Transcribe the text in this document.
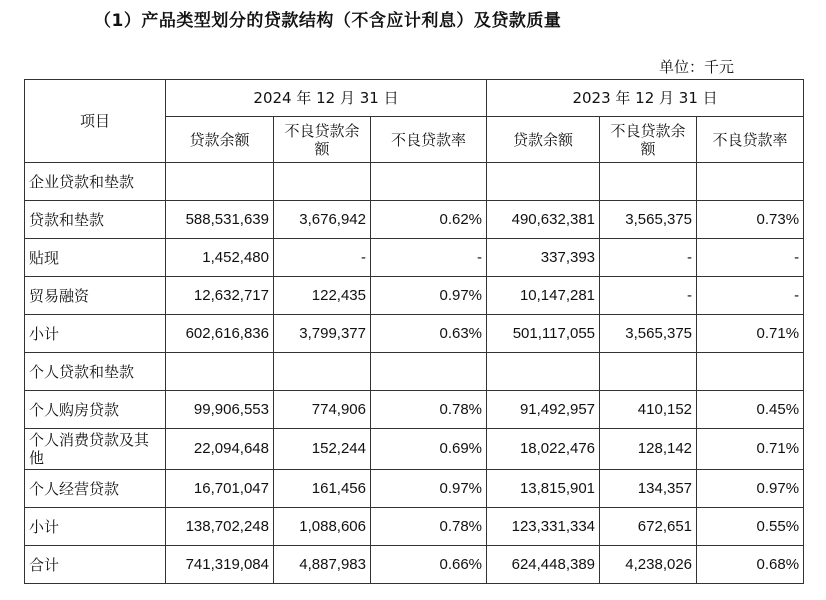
（1）产品类型划分的贷款结构（不含应计利息）及贷款质量
单位：千元
项目	2024 年 12 月 31 日			2023 年 12 月 31 日		
	贷款余额	不良贷款余额	不良贷款率	贷款余额	不良贷款余额	不良贷款率
企业贷款和垫款						
贷款和垫款	588,531,639	3,676,942	0.62%	490,632,381	3,565,375	0.73%
贴现	1,452,480	-	-	337,393	-	-
贸易融资	12,632,717	122,435	0.97%	10,147,281	-	-
小计	602,616,836	3,799,377	0.63%	501,117,055	3,565,375	0.71%
个人贷款和垫款						
个人购房贷款	99,906,553	774,906	0.78%	91,492,957	410,152	0.45%
个人消费贷款及其他	22,094,648	152,244	0.69%	18,022,476	128,142	0.71%
个人经营贷款	16,701,047	161,456	0.97%	13,815,901	134,357	0.97%
小计	138,702,248	1,088,606	0.78%	123,331,334	672,651	0.55%
合计	741,319,084	4,887,983	0.66%	624,448,389	4,238,026	0.68%
